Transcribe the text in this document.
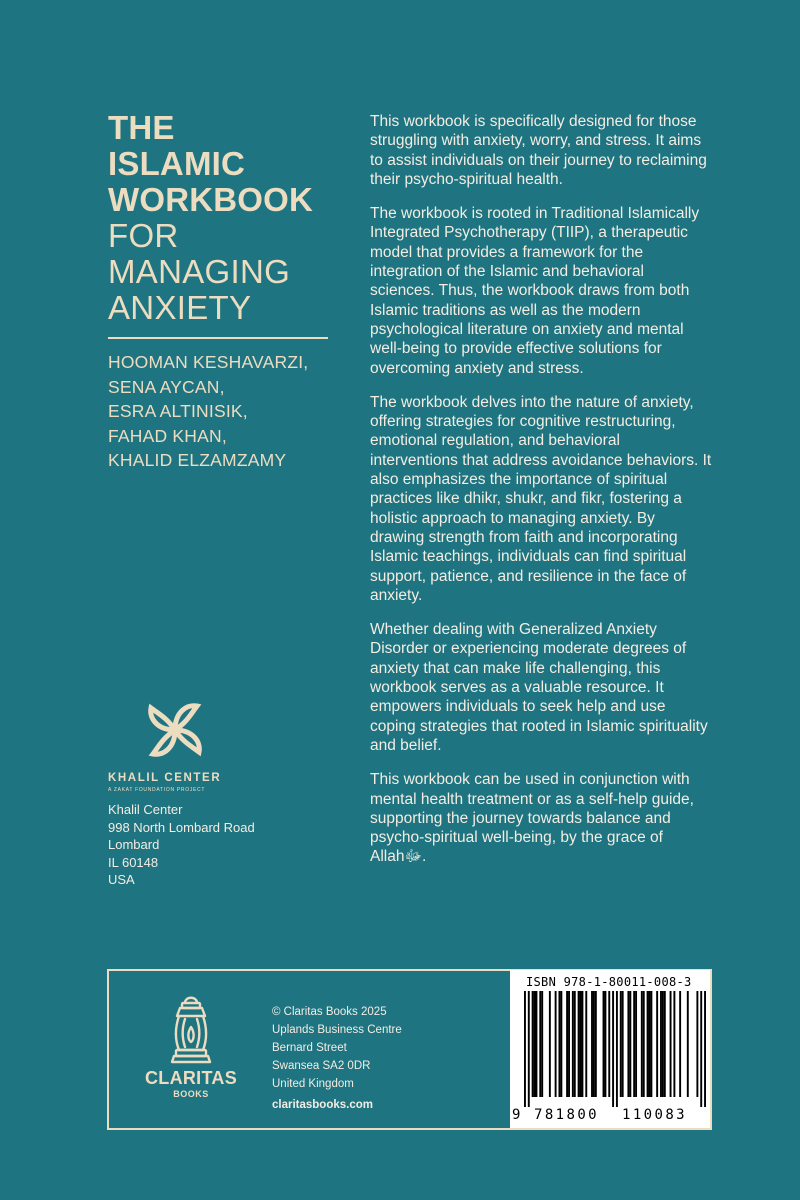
THE
ISLAMIC
WORKBOOK
FOR
MANAGING
ANXIETY
HOOMAN KESHAVARZI,
SENA AYCAN,
ESRA ALTINISIK,
FAHAD KHAN,
KHALID ELZAMZAMY

This workbook is specifically designed for those struggling with anxiety, worry, and stress. It aims to assist individuals on their journey to reclaiming their psycho-spiritual health.

The workbook is rooted in Traditional Islamically Integrated Psychotherapy (TIIP), a therapeutic model that provides a framework for the integration of the Islamic and behavioral sciences. Thus, the workbook draws from both Islamic traditions as well as the modern psychological literature on anxiety and mental well-being to provide effective solutions for overcoming anxiety and stress.

The workbook delves into the nature of anxiety, offering strategies for cognitive restructuring, emotional regulation, and behavioral interventions that address avoidance behaviors. It also emphasizes the importance of spiritual practices like dhikr, shukr, and fikr, fostering a holistic approach to managing anxiety. By drawing strength from faith and incorporating Islamic teachings, individuals can find spiritual support, patience, and resilience in the face of anxiety.

Whether dealing with Generalized Anxiety Disorder or experiencing moderate degrees of anxiety that can make life challenging, this workbook serves as a valuable resource. It empowers individuals to seek help and use coping strategies that rooted in Islamic spirituality and belief.

This workbook can be used in conjunction with mental health treatment or as a self-help guide, supporting the journey towards balance and psycho-spiritual well-being, by the grace of Allahﷻ.

KHALIL CENTER
A ZAKAT FOUNDATION PROJECT
Khalil Center
998 North Lombard Road
Lombard
IL 60148
USA
CLARITAS
BOOKS
© Claritas Books 2025
Uplands Business Centre
Bernard Street
Swansea SA2 0DR
United Kingdom
claritasbooks.com
ISBN 978-1-80011-008-3
9 781800 110083
